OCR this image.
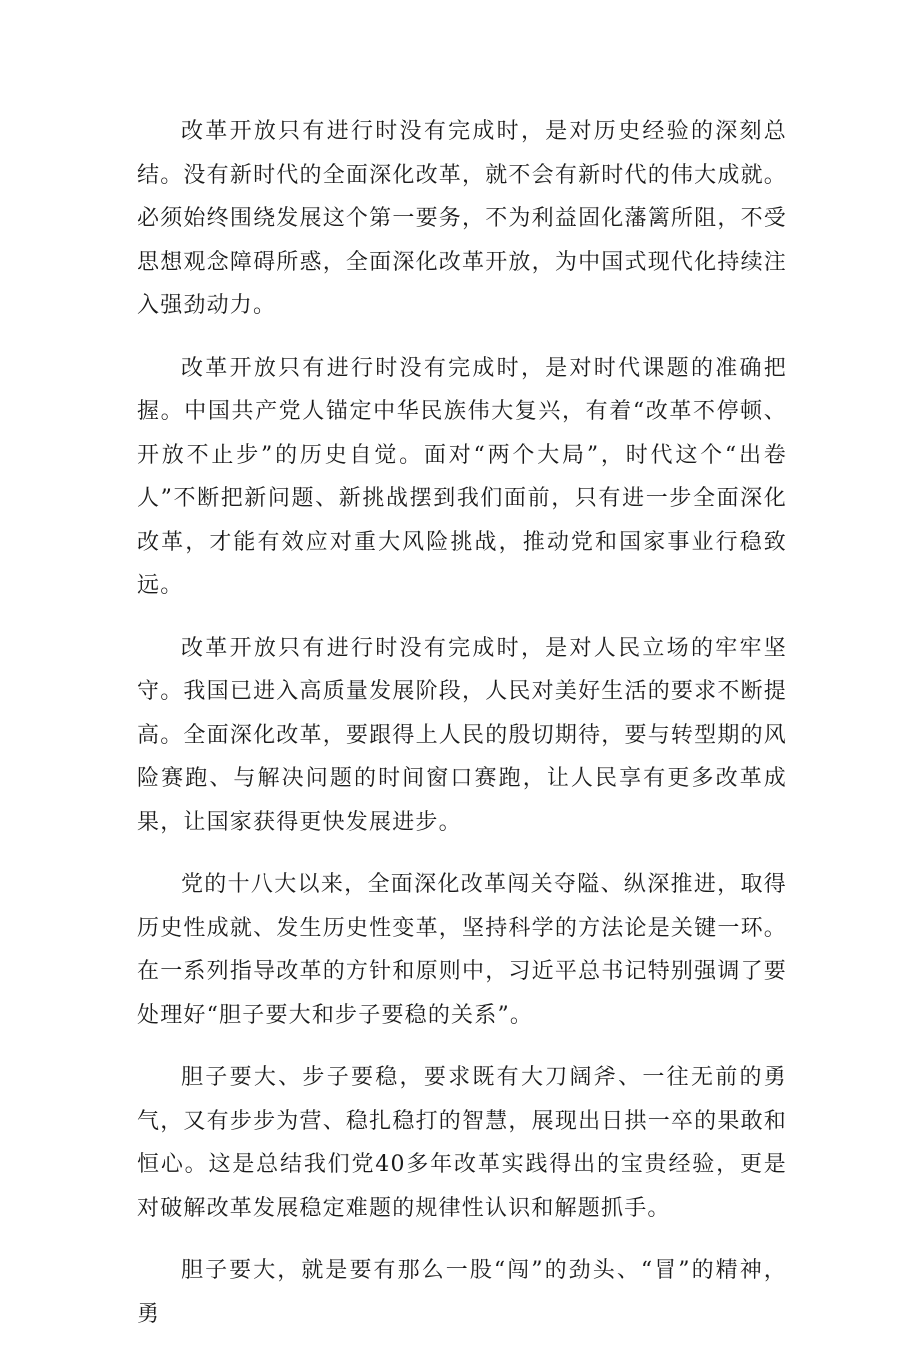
改革开放只有进行时没有完成时，是对历史经验的深刻总结。没有新时代的全面深化改革，就不会有新时代的伟大成就。必须始终围绕发展这个第一要务，不为利益固化藩篱所阻，不受思想观念障碍所惑，全面深化改革开放，为中国式现代化持续注入强劲动力。

改革开放只有进行时没有完成时，是对时代课题的准确把握。中国共产党人锚定中华民族伟大复兴，有着“改革不停顿、开放不止步”的历史自觉。面对“两个大局”，时代这个“出卷人”不断把新问题、新挑战摆到我们面前，只有进一步全面深化改革，才能有效应对重大风险挑战，推动党和国家事业行稳致远。

改革开放只有进行时没有完成时，是对人民立场的牢牢坚守。我国已进入高质量发展阶段，人民对美好生活的要求不断提高。全面深化改革，要跟得上人民的殷切期待，要与转型期的风险赛跑、与解决问题的时间窗口赛跑，让人民享有更多改革成果，让国家获得更快发展进步。

党的十八大以来，全面深化改革闯关夺隘、纵深推进，取得历史性成就、发生历史性变革，坚持科学的方法论是关键一环。在一系列指导改革的方针和原则中，习近平总书记特别强调了要处理好“胆子要大和步子要稳的关系”。

胆子要大、步子要稳，要求既有大刀阔斧、一往无前的勇气，又有步步为营、稳扎稳打的智慧，展现出日拱一卒的果敢和恒心。这是总结我们党40多年改革实践得出的宝贵经验，更是对破解改革发展稳定难题的规律性认识和解题抓手。

胆子要大，就是要有那么一股“闯”的劲头、“冒”的精神，勇
